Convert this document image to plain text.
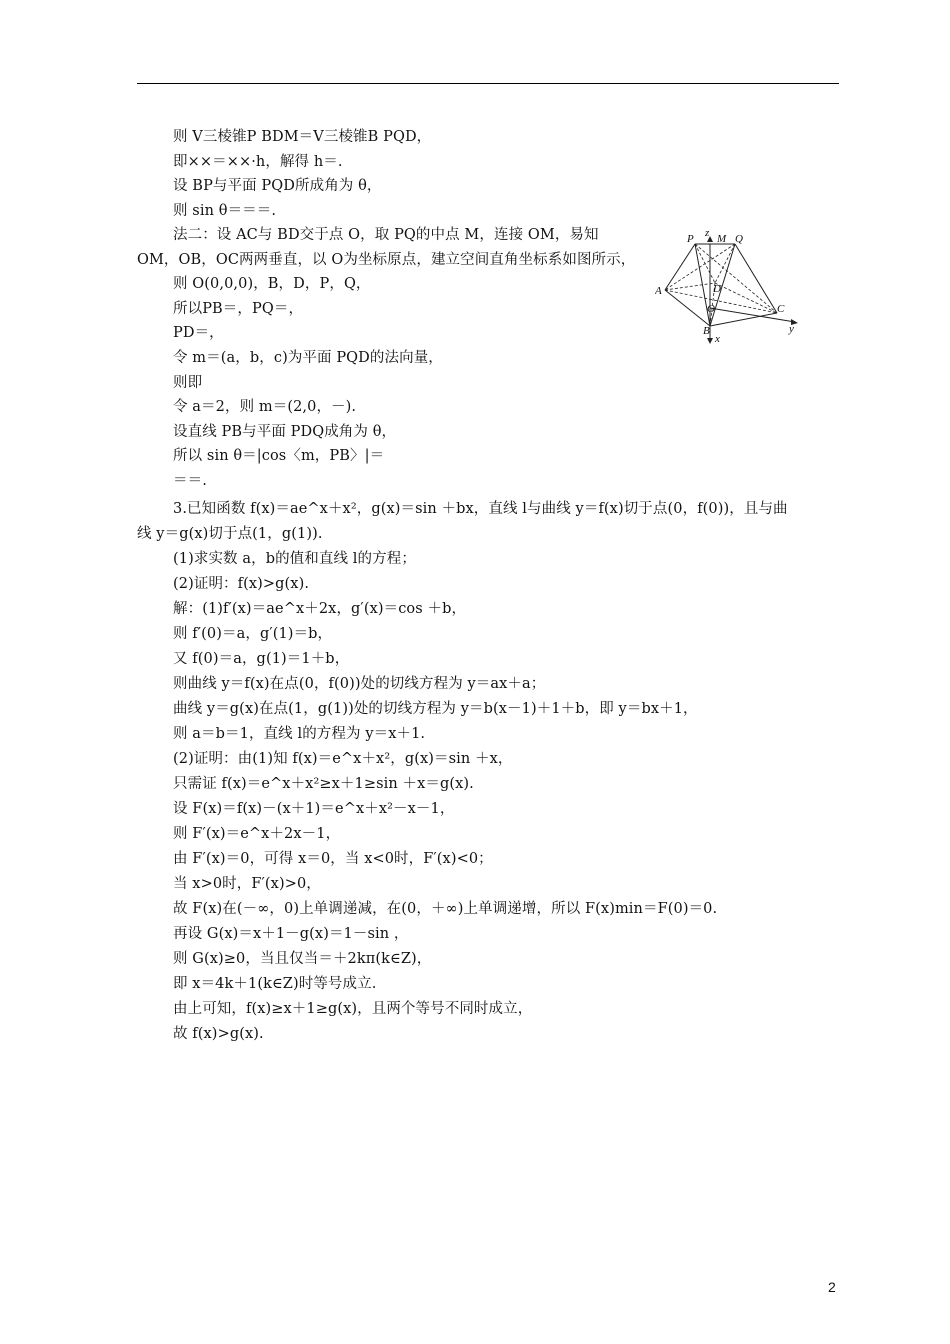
则 V三棱锥P BDM＝V三棱锥B PQD，
即××＝××·h，解得 h＝.
设 BP与平面 PQD所成角为 θ，
则 sin θ＝＝＝.
法二：设 AC与 BD交于点 O，取 PQ的中点 M，连接 OM，易知
OM，OB，OC两两垂直，以 O为坐标原点，建立空间直角坐标系如图所示，
则 O(0,0,0)，B，D，P，Q，
所以PB＝，PQ＝，
PD＝，
令 m＝(a，b，c)为平面 PQD的法向量，
则即
令 a＝2，则 m＝(2,0，－).
设直线 PB与平面 PDQ成角为 θ，
所以 sin θ＝|cos〈m，PB〉|＝
＝＝.
3.已知函数 f(x)＝ae^x＋x²，g(x)＝sin ＋bx，直线 l与曲线 y＝f(x)切于点(0，f(0))，且与曲
线 y＝g(x)切于点(1，g(1)).
(1)求实数 a，b的值和直线 l的方程；
(2)证明：f(x)>g(x).
解：(1)f′(x)＝ae^x＋2x，g′(x)＝cos ＋b，
则 f′(0)＝a，g′(1)＝b，
又 f(0)＝a，g(1)＝1＋b，
则曲线 y＝f(x)在点(0，f(0))处的切线方程为 y＝ax＋a；
曲线 y＝g(x)在点(1，g(1))处的切线方程为 y＝b(x－1)＋1＋b，即 y＝bx＋1，
则 a＝b＝1，直线 l的方程为 y＝x＋1.
(2)证明：由(1)知 f(x)＝e^x＋x²，g(x)＝sin ＋x，
只需证 f(x)＝e^x＋x²≥x＋1≥sin ＋x＝g(x).
设 F(x)＝f(x)－(x＋1)＝e^x＋x²－x－1，
则 F′(x)＝e^x＋2x－1，
由 F′(x)＝0，可得 x＝0，当 x<0时，F′(x)<0；
当 x>0时，F′(x)>0，
故 F(x)在(－∞，0)上单调递减，在(0，＋∞)上单调递增，所以 F(x)min＝F(0)＝0.
再设 G(x)＝x＋1－g(x)＝1－sin ，
则 G(x)≥0，当且仅当＝＋2kπ(k∈Z)，
即 x＝4k＋1(k∈Z)时等号成立.
由上可知，f(x)≥x＋1≥g(x)，且两个等号不同时成立，
故 f(x)>g(x).
P z M Q
A	D
O	C
B	y
x
2
